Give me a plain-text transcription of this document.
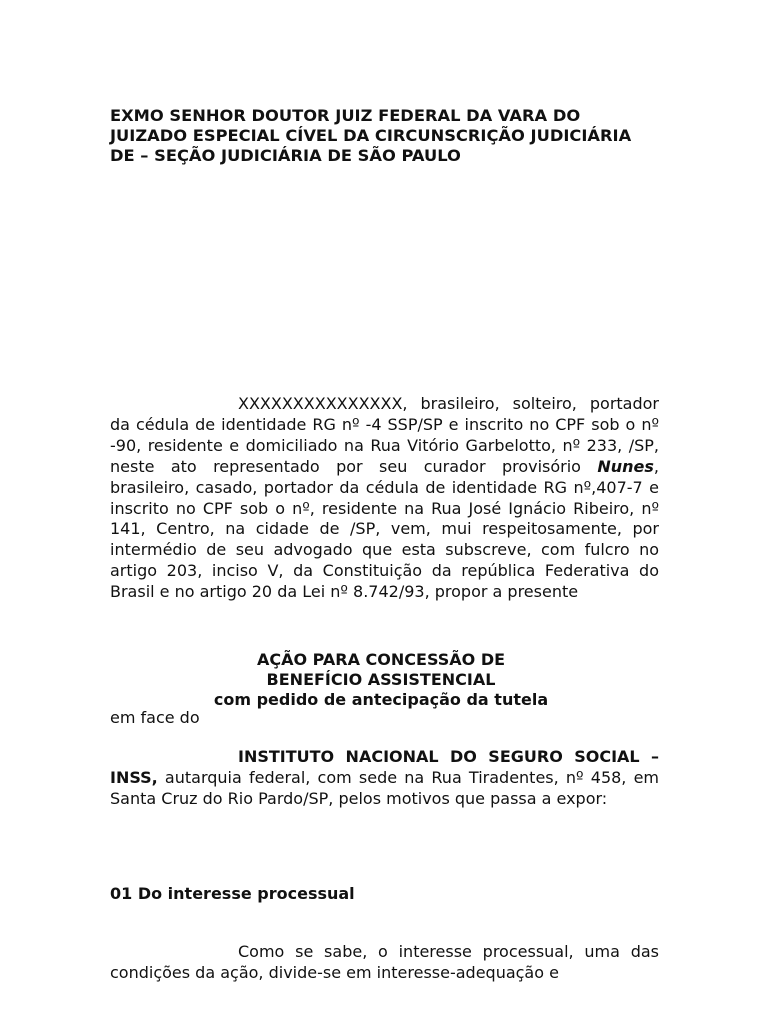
EXMO SENHOR DOUTOR JUIZ FEDERAL DA VARA DO
JUIZADO ESPECIAL CÍVEL DA CIRCUNSCRIÇÃO JUDICIÁRIA
DE – SEÇÃO JUDICIÁRIA DE SÃO PAULO
XXXXXXXXXXXXXXX, brasileiro, solteiro, portador da cédula de identidade RG nº -4 SSP/SP e inscrito no CPF sob o nº -90, residente e domiciliado na Rua Vitório Garbelotto, nº 233, /SP, neste ato representado por seu curador provisório Nunes, brasileiro, casado, portador da cédula de identidade RG nº,407-7 e inscrito no CPF sob o nº, residente na Rua José Ignácio Ribeiro, nº 141, Centro, na cidade de /SP, vem, mui respeitosamente, por intermédio de seu advogado que esta subscreve, com fulcro no artigo 203, inciso V, da Constituição da república Federativa do Brasil e no artigo 20 da Lei nº 8.742/93, propor a presente
AÇÃO PARA CONCESSÃO DE
BENEFÍCIO ASSISTENCIAL
com pedido de antecipação da tutela
em face do
INSTITUTO NACIONAL DO SEGURO SOCIAL – INSS, autarquia federal, com sede na Rua Tiradentes, nº 458, em Santa Cruz do Rio Pardo/SP, pelos motivos que passa a expor:
01 Do interesse processual
Como se sabe, o interesse processual, uma das condições da ação, divide-se em interesse-adequação e
